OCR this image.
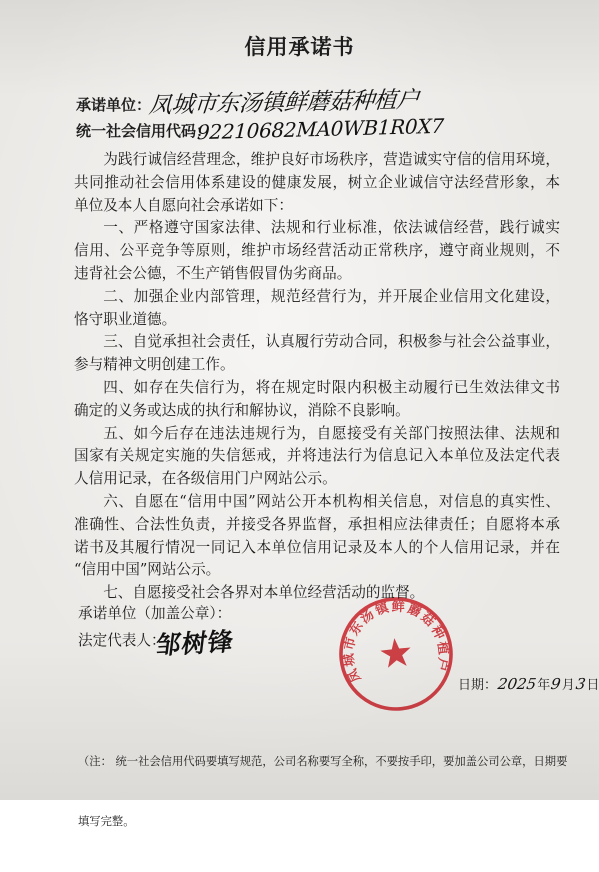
信用承诺书
承诺单位：
凤城市东汤镇鲜蘑菇种植户
统一社会信用代码：
92210682MA0WB1R0X7
为践行诚信经营理念，维护良好市场秩序，营造诚实守信的信用环境，
共同推动社会信用体系建设的健康发展，树立企业诚信守法经营形象，本
单位及本人自愿向社会承诺如下：
一、严格遵守国家法律、法规和行业标准，依法诚信经营，践行诚实
信用、公平竞争等原则，维护市场经营活动正常秩序，遵守商业规则，不
违背社会公德，不生产销售假冒伪劣商品。
二、加强企业内部管理，规范经营行为，并开展企业信用文化建设，
恪守职业道德。
三、自觉承担社会责任，认真履行劳动合同，积极参与社会公益事业，
参与精神文明创建工作。
四、如存在失信行为，将在规定时限内积极主动履行已生效法律文书
确定的义务或达成的执行和解协议，消除不良影响。
五、如今后存在违法违规行为，自愿接受有关部门按照法律、法规和
国家有关规定实施的失信惩戒，并将违法行为信息记入本单位及法定代表
人信用记录，在各级信用门户网站公示。
六、自愿在“信用中国”网站公开本机构相关信息，对信息的真实性、
准确性、合法性负责，并接受各界监督，承担相应法律责任；自愿将本承
诺书及其履行情况一同记入本单位信用记录及本人的个人信用记录，并在
“信用中国”网站公示。
七、自愿接受社会各界对本单位经营活动的监督。
承诺单位（加盖公章）：
法定代表人：
邹树锋
凤城市东汤镇鲜蘑菇种植户
日期： 2025 年 9 月 3 日

（注： 统一社会信用代码要填写规范，公司名称要写全称，不要按手印，要加盖公司公章，日期要

填写完整。
